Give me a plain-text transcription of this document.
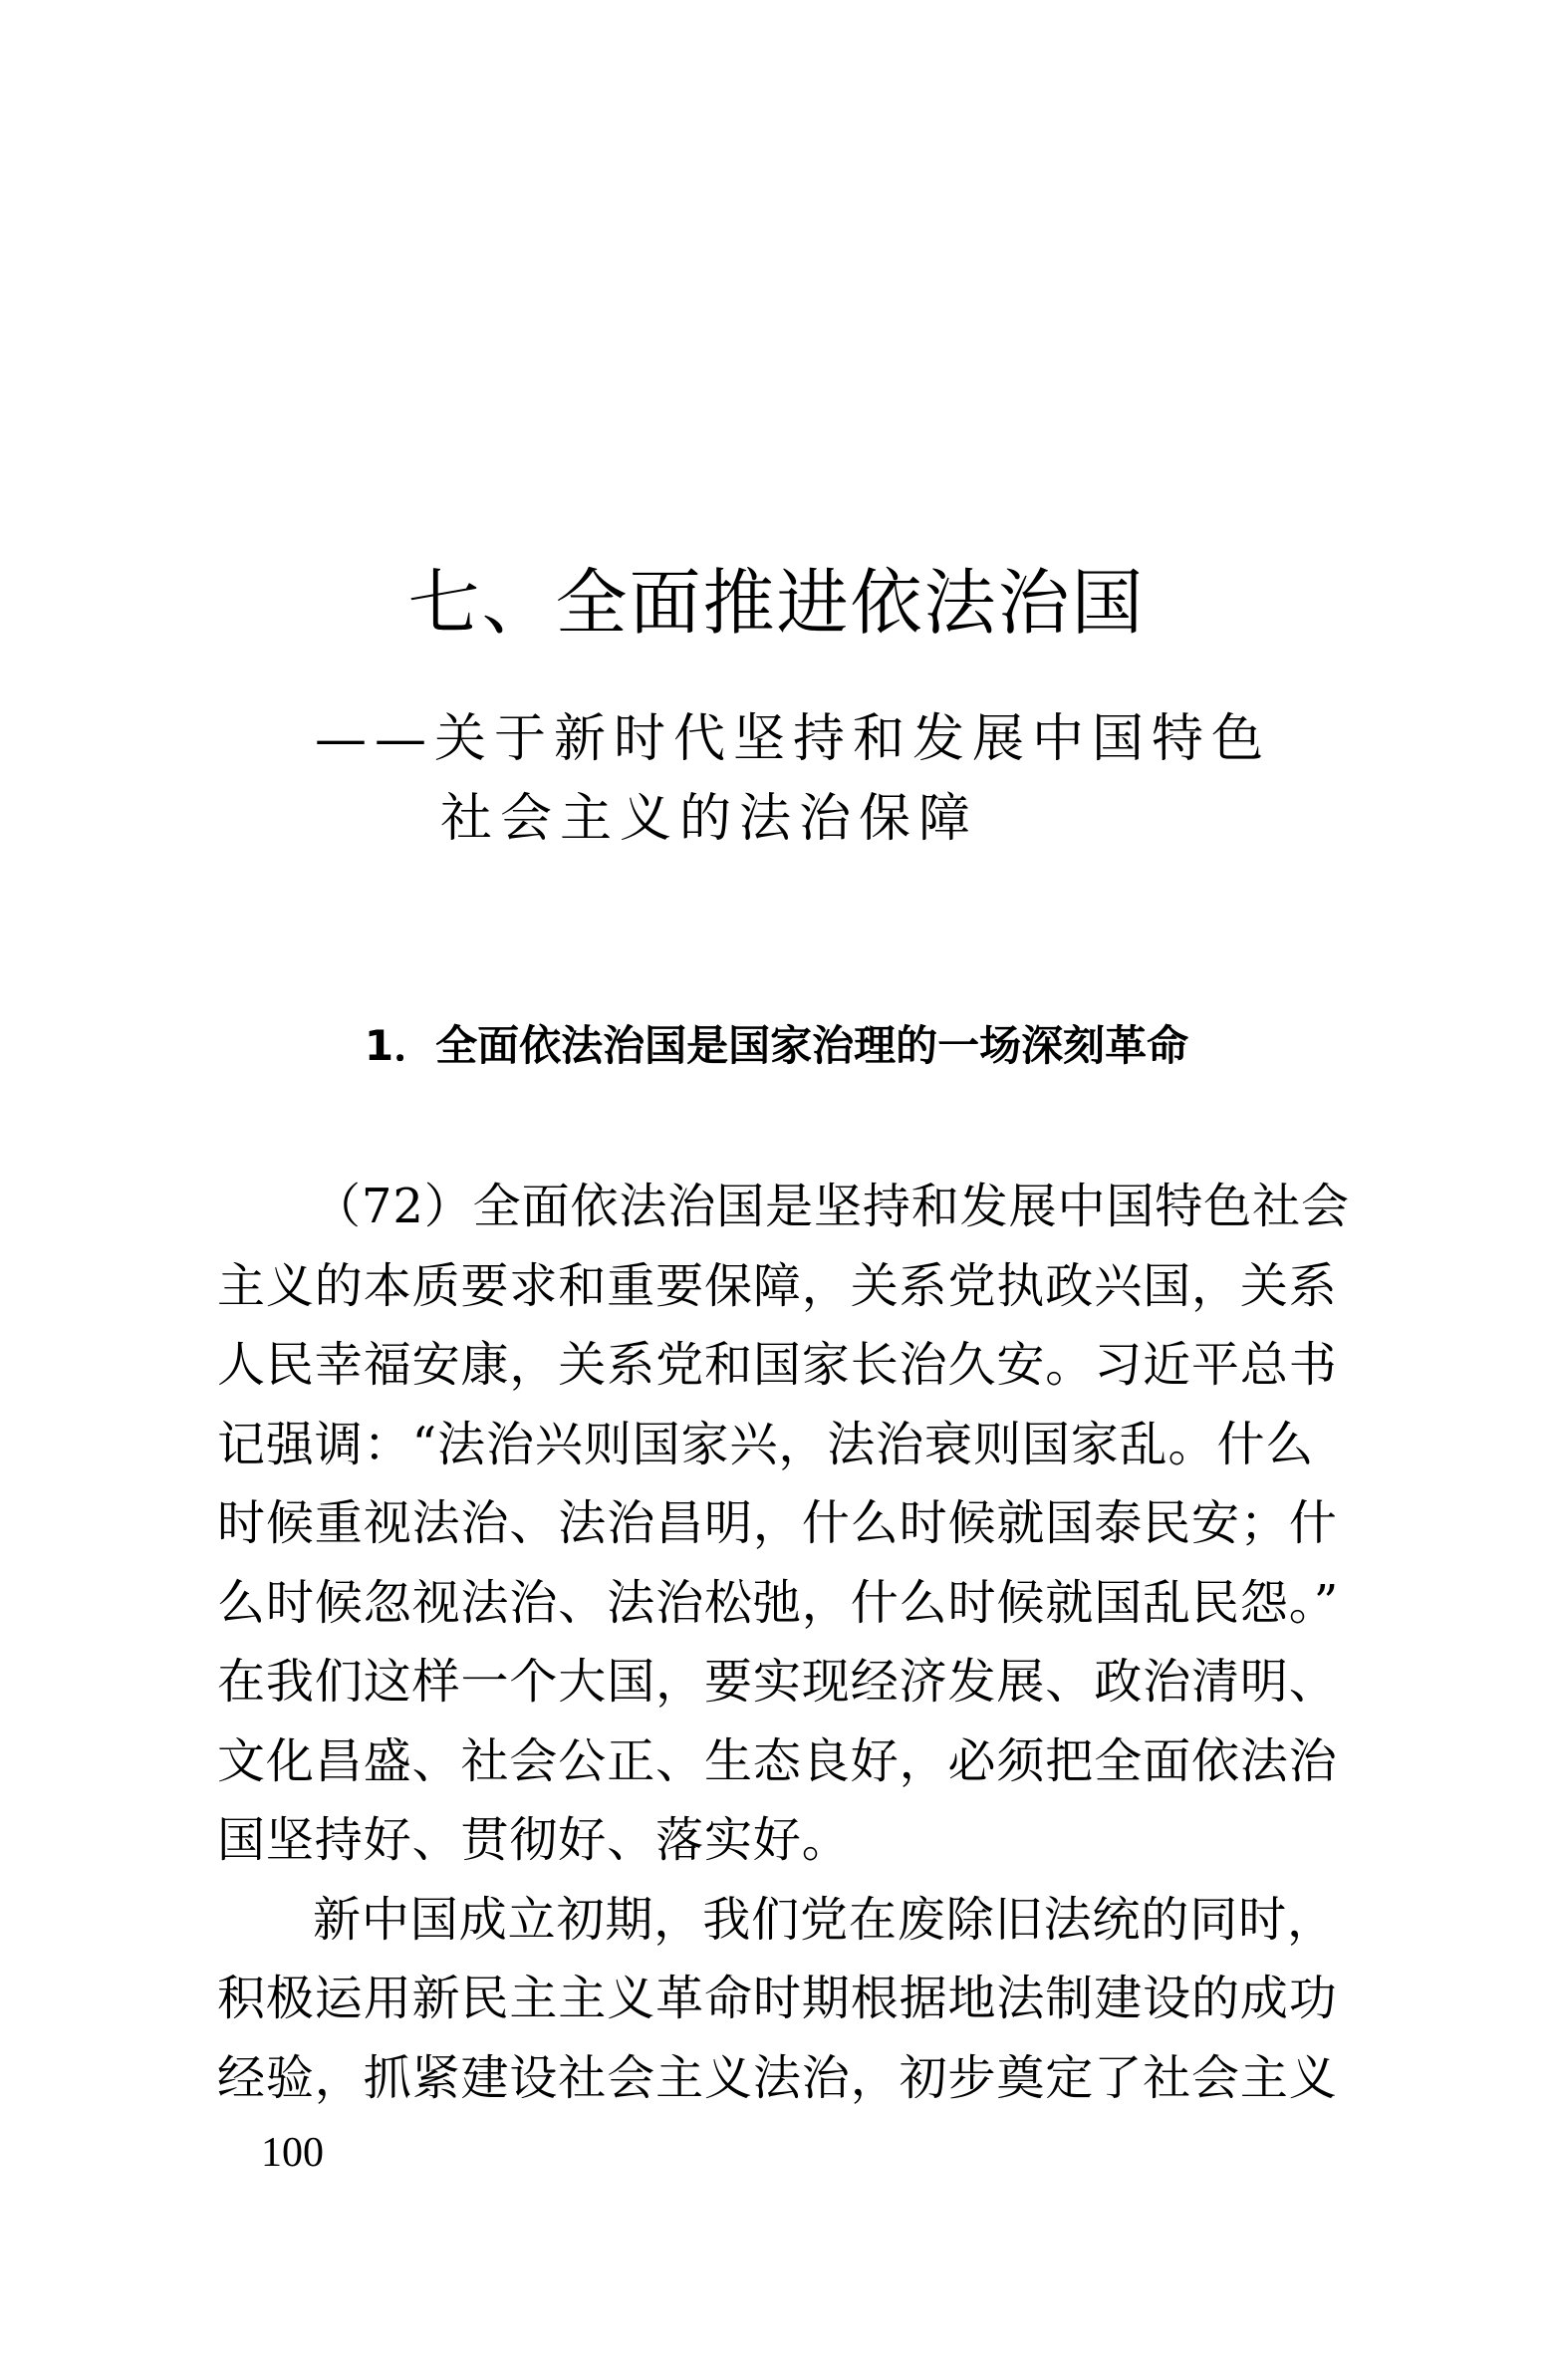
七、全面推进依法治国
——关于新时代坚持和发展中国特色
社会主义的法治保障
1．全面依法治国是国家治理的一场深刻革命
（72）全面依法治国是坚持和发展中国特色社会
主义的本质要求和重要保障，关系党执政兴国，关系
人民幸福安康，关系党和国家长治久安。习近平总书
记强调：“法治兴则国家兴，法治衰则国家乱。什么
时候重视法治、法治昌明，什么时候就国泰民安；什
么时候忽视法治、法治松弛，什么时候就国乱民怨。”
在我们这样一个大国，要实现经济发展、政治清明、
文化昌盛、社会公正、生态良好，必须把全面依法治
国坚持好、贯彻好、落实好。
新中国成立初期，我们党在废除旧法统的同时，
积极运用新民主主义革命时期根据地法制建设的成功
经验，抓紧建设社会主义法治，初步奠定了社会主义
100
